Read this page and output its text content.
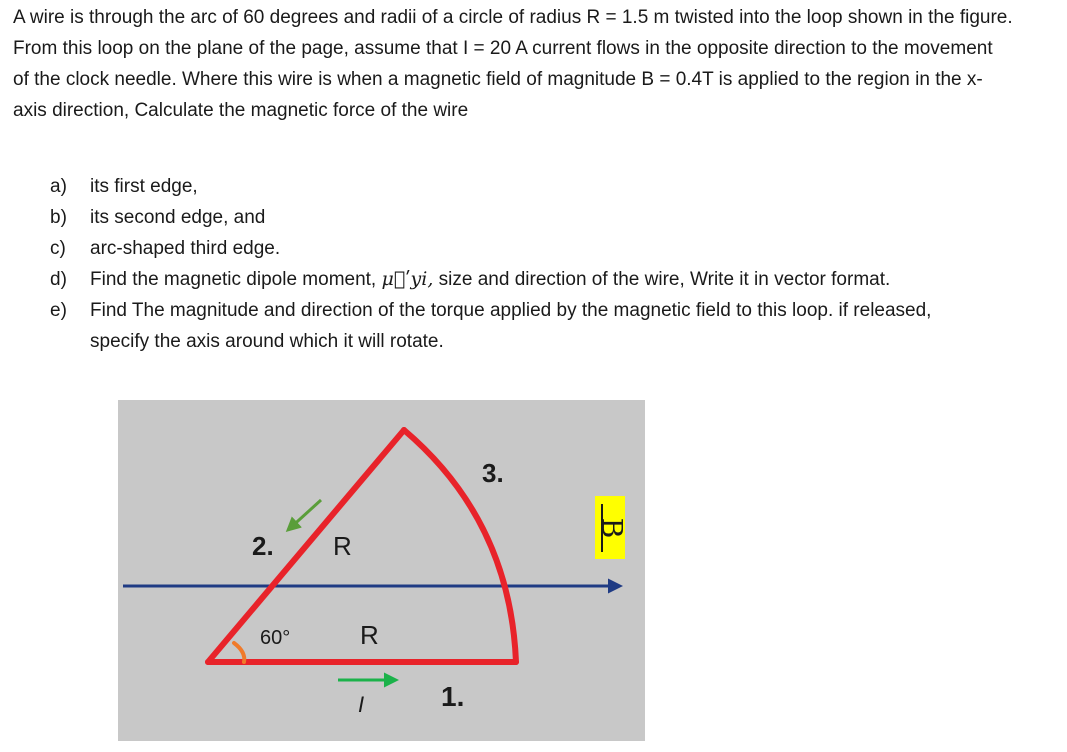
A wire is through the arc of 60 degrees and radii of a circle of radius R = 1.5 m twisted into the loop shown in the figure. From this loop on the plane of the page, assume that I = 20 A current flows in the opposite direction to the movement of the clock needle. Where this wire is when a magnetic field of magnitude B = 0.4T is applied to the region in the x-axis direction, Calculate the magnetic force of the wire

a)	its first edge,
b)	its second edge, and
c)	arc-shaped third edge.
d)	Find the magnetic dipole moment, μ⃗ʹyi, size and direction of the wire, Write it in vector format.
e)	Find The magnitude and direction of the torque applied by the magnetic field to this loop. if released, specify the axis around which it will rotate.
2. R
3.
60°	R
I	1.
B
